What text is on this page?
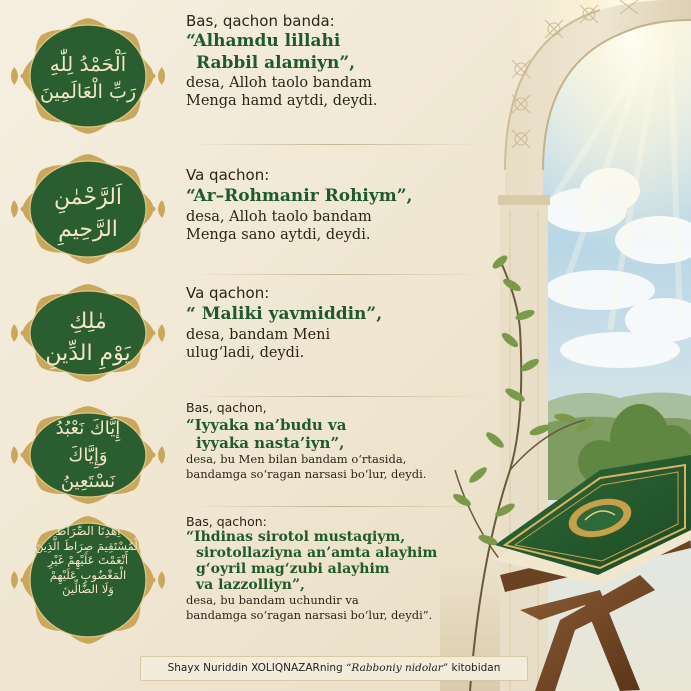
اَلْحَمْدُ لِلّٰهِ
رَبِّ الْعَالَمِينَ
Bas, qachon banda:
“Alhamdu lillahi
Rabbil alamiyn”,
desa, Alloh taolo bandam
Menga hamd aytdi, deydi.
اَلرَّحْمٰنِ
الرَّحِيمِ
Va qachon:
“Ar–Rohmanir Rohiym”,
desa, Alloh taolo bandam
Menga sano aytdi, deydi.
مٰلِكِ
يَوْمِ الدِّينِ
Va qachon:
“ Maliki yavmiddin”,
desa, bandam Meni
ulug‘ladi, deydi.
إِيَّاكَ نَعْبُدُ
وَإِيَّاكَ
نَسْتَعِينُ
Bas, qachon,
“Iyyaka na’budu va
iyyaka nasta’iyn”,
desa, bu Men bilan bandam o‘rtasida,
bandamga so‘ragan narsasi bo‘lur, deydi.
اِهْدِنَا الصِّرَاطَ
الْمُسْتَقِيمَ صِرَاطَ الَّذِينَ
أَنْعَمْتَ عَلَيْهِمْ غَيْرِ
الْمَغْضُوبِ عَلَيْهِمْ
وَلَا الضَّالِّينَ
Bas, qachon:
“Ihdinas sirotol mustaqiym,
sirotollaziyna an’amta alayhim
g‘oyril mag‘zubi alayhim
va lazzolliyn”,
desa, bu bandam uchundir va
bandamga so‘ragan narsasi bo‘lur, deydi”.
Shayx Nuriddin XOLIQNAZARning “Rabboniy nidolar” kitobidan
